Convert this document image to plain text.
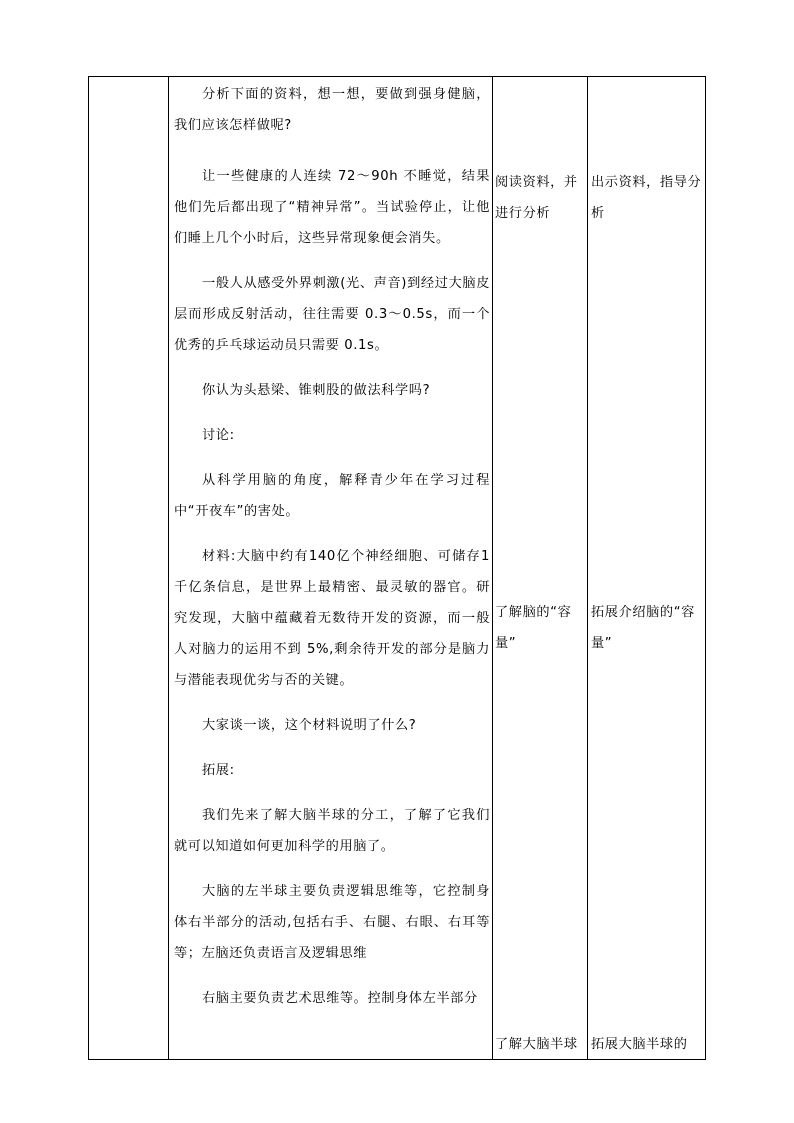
分析下面的资料，想一想，要做到强身健脑，我们应该怎样做呢?

让一些健康的人连续 72～90h 不睡觉，结果他们先后都出现了“精神异常”。当试验停止，让他们睡上几个小时后，这些异常现象便会消失。

一般人从感受外界刺激(光、声音)到经过大脑皮层而形成反射活动，往往需要 0.3～0.5s，而一个优秀的乒乓球运动员只需要 0.1s。

你认为头悬梁、锥刺股的做法科学吗?

讨论:

从科学用脑的角度，解释青少年在学习过程中“开夜车”的害处。

材料:大脑中约有140亿个神经细胞、可储存1千亿条信息，是世界上最精密、最灵敏的器官。研究发现，大脑中蕴藏着无数待开发的资源，而一般人对脑力的运用不到 5%,剩余待开发的部分是脑力与潜能表现优劣与否的关键。

大家谈一谈，这个材料说明了什么?

拓展:

我们先来了解大脑半球的分工，了解了它我们就可以知道如何更加科学的用脑了。

大脑的左半球主要负责逻辑思维等，它控制身体右半部分的活动,包括右手、右腿、右眼、右耳等等；左脑还负责语言及逻辑思维

右脑主要负责艺术思维等。控制身体左半部分

阅读资料，并进行分析
出示资料，指导分析
了解脑的“容量”
拓展介绍脑的“容量”
了解大脑半球	拓展大脑半球的
